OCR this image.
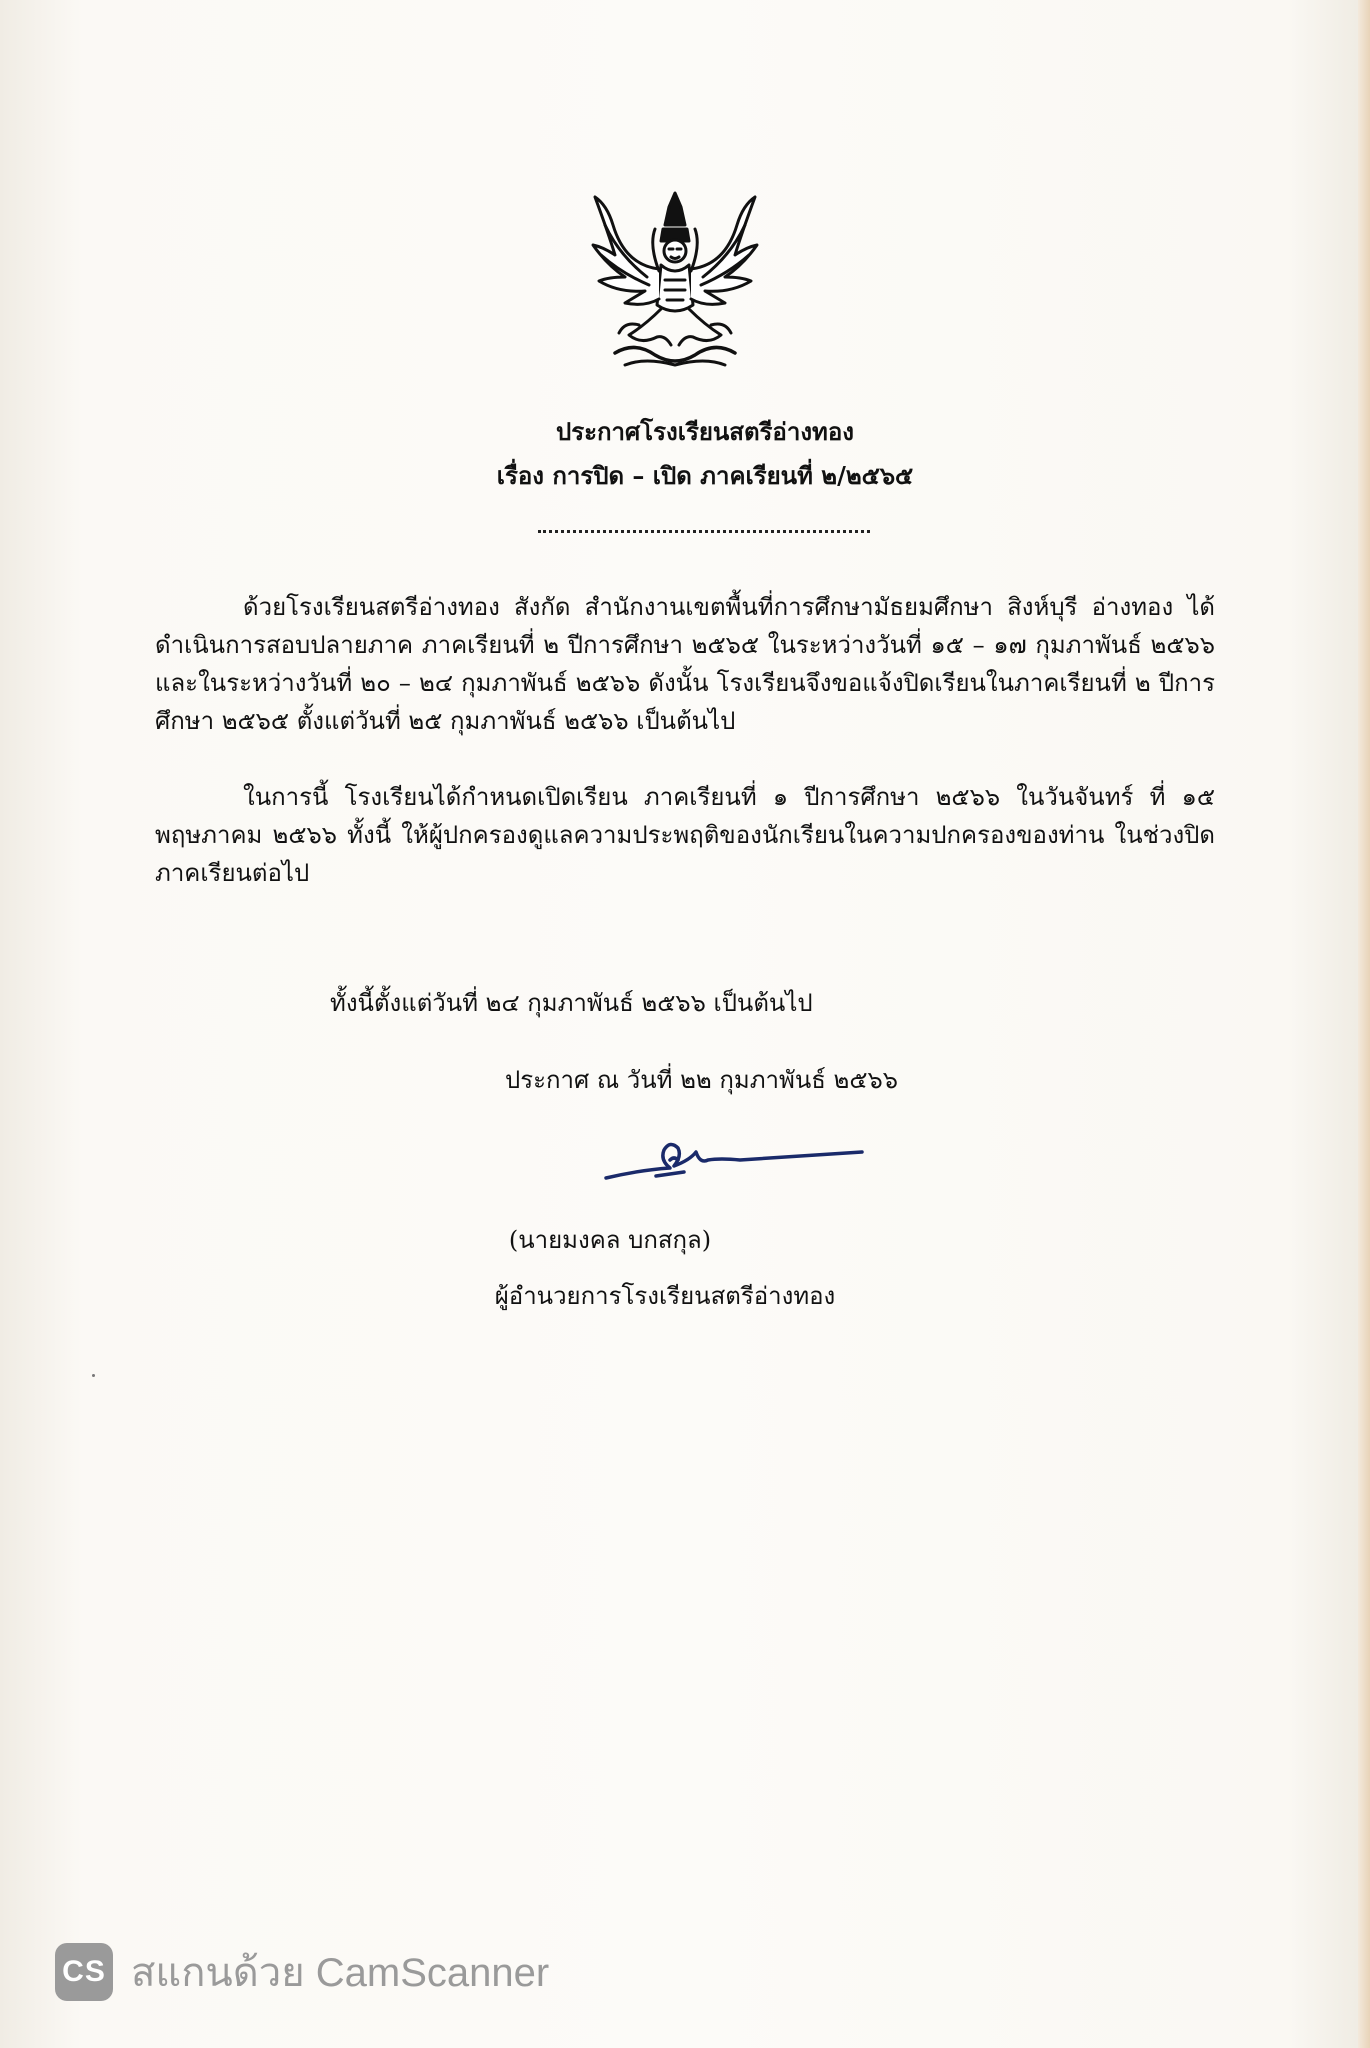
ประกาศโรงเรียนสตรีอ่างทอง
เรื่อง การปิด – เปิด ภาคเรียนที่ ๒/๒๕๖๕

ด้วยโรงเรียนสตรีอ่างทอง สังกัด สำนักงานเขตพื้นที่การศึกษามัธยมศึกษา สิงห์บุรี อ่างทอง ได้ดำเนินการสอบปลายภาค ภาคเรียนที่ ๒ ปีการศึกษา ๒๕๖๕ ในระหว่างวันที่ ๑๕ – ๑๗ กุมภาพันธ์ ๒๕๖๖ และในระหว่างวันที่ ๒๐ – ๒๔ กุมภาพันธ์ ๒๕๖๖ ดังนั้น โรงเรียนจึงขอแจ้งปิดเรียนในภาคเรียนที่ ๒ ปีการศึกษา ๒๕๖๕ ตั้งแต่วันที่ ๒๕ กุมภาพันธ์ ๒๕๖๖ เป็นต้นไป

ในการนี้ โรงเรียนได้กำหนดเปิดเรียน ภาคเรียนที่ ๑ ปีการศึกษา ๒๕๖๖ ในวันจันทร์ ที่ ๑๕ พฤษภาคม ๒๕๖๖ ทั้งนี้ ให้ผู้ปกครองดูแลความประพฤติของนักเรียนในความปกครองของท่าน ในช่วงปิดภาคเรียนต่อไป

ทั้งนี้ตั้งแต่วันที่ ๒๔ กุมภาพันธ์ ๒๕๖๖ เป็นต้นไป
ประกาศ ณ วันที่ ๒๒ กุมภาพันธ์ ๒๕๖๖
(นายมงคล บกสกุล)
ผู้อำนวยการโรงเรียนสตรีอ่างทอง
CS สแกนด้วย CamScanner
